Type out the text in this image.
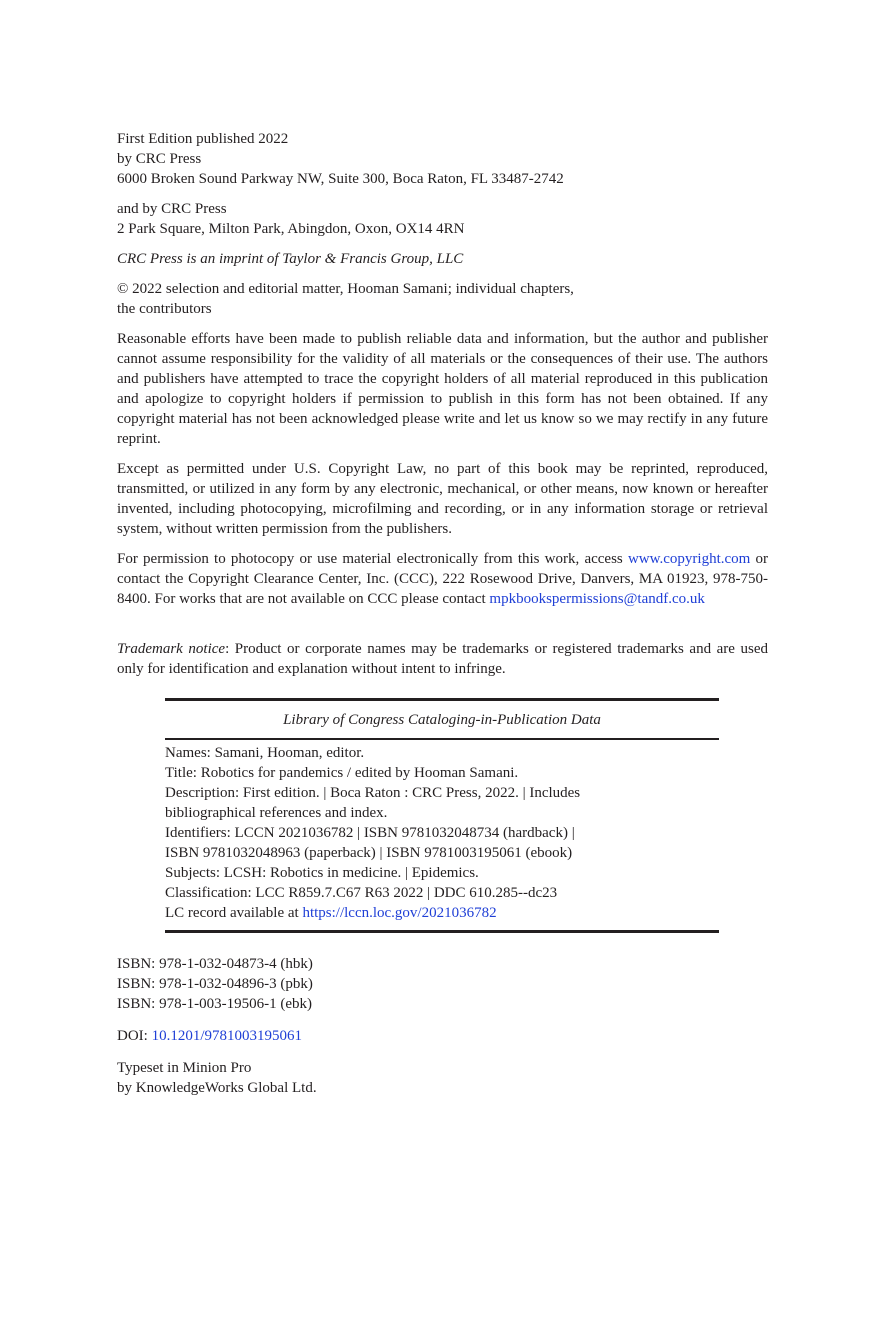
First Edition published 2022
by CRC Press
6000 Broken Sound Parkway NW, Suite 300, Boca Raton, FL 33487-2742
and by CRC Press
2 Park Square, Milton Park, Abingdon, Oxon, OX14 4RN
CRC Press is an imprint of Taylor & Francis Group, LLC
© 2022 selection and editorial matter, Hooman Samani; individual chapters,
the contributors

Reasonable efforts have been made to publish reliable data and information, but the author and publisher cannot assume responsibility for the validity of all materials or the consequences of their use. The authors and publishers have attempted to trace the copyright holders of all material reproduced in this publication and apologize to copyright holders if permission to publish in this form has not been obtained. If any copyright material has not been acknowledged please write and let us know so we may rectify in any future reprint.

Except as permitted under U.S. Copyright Law, no part of this book may be reprinted, reproduced, transmitted, or utilized in any form by any electronic, mechanical, or other means, now known or hereafter invented, including photocopying, microfilming and recording, or in any information storage or retrieval system, without written permission from the publishers.

For permission to photocopy or use material electronically from this work, access www.copyright.com or contact the Copyright Clearance Center, Inc. (CCC), 222 Rosewood Drive, Danvers, MA 01923, 978-750-8400. For works that are not available on CCC please contact mpkbookspermissions@tandf.co.uk

Trademark notice: Product or corporate names may be trademarks or registered trademarks and are used only for identification and explanation without intent to infringe.

Library of Congress Cataloging-in-Publication Data
Names: Samani, Hooman, editor.
Title: Robotics for pandemics / edited by Hooman Samani.
Description: First edition. | Boca Raton : CRC Press, 2022. | Includes
bibliographical references and index.
Identifiers: LCCN 2021036782 | ISBN 9781032048734 (hardback) |
ISBN 9781032048963 (paperback) | ISBN 9781003195061 (ebook)
Subjects: LCSH: Robotics in medicine. | Epidemics.
Classification: LCC R859.7.C67 R63 2022 | DDC 610.285--dc23
LC record available at https://lccn.loc.gov/2021036782
ISBN: 978-1-032-04873-4 (hbk)
ISBN: 978-1-032-04896-3 (pbk)
ISBN: 978-1-003-19506-1 (ebk)
DOI: 10.1201/9781003195061
Typeset in Minion Pro
by KnowledgeWorks Global Ltd.
